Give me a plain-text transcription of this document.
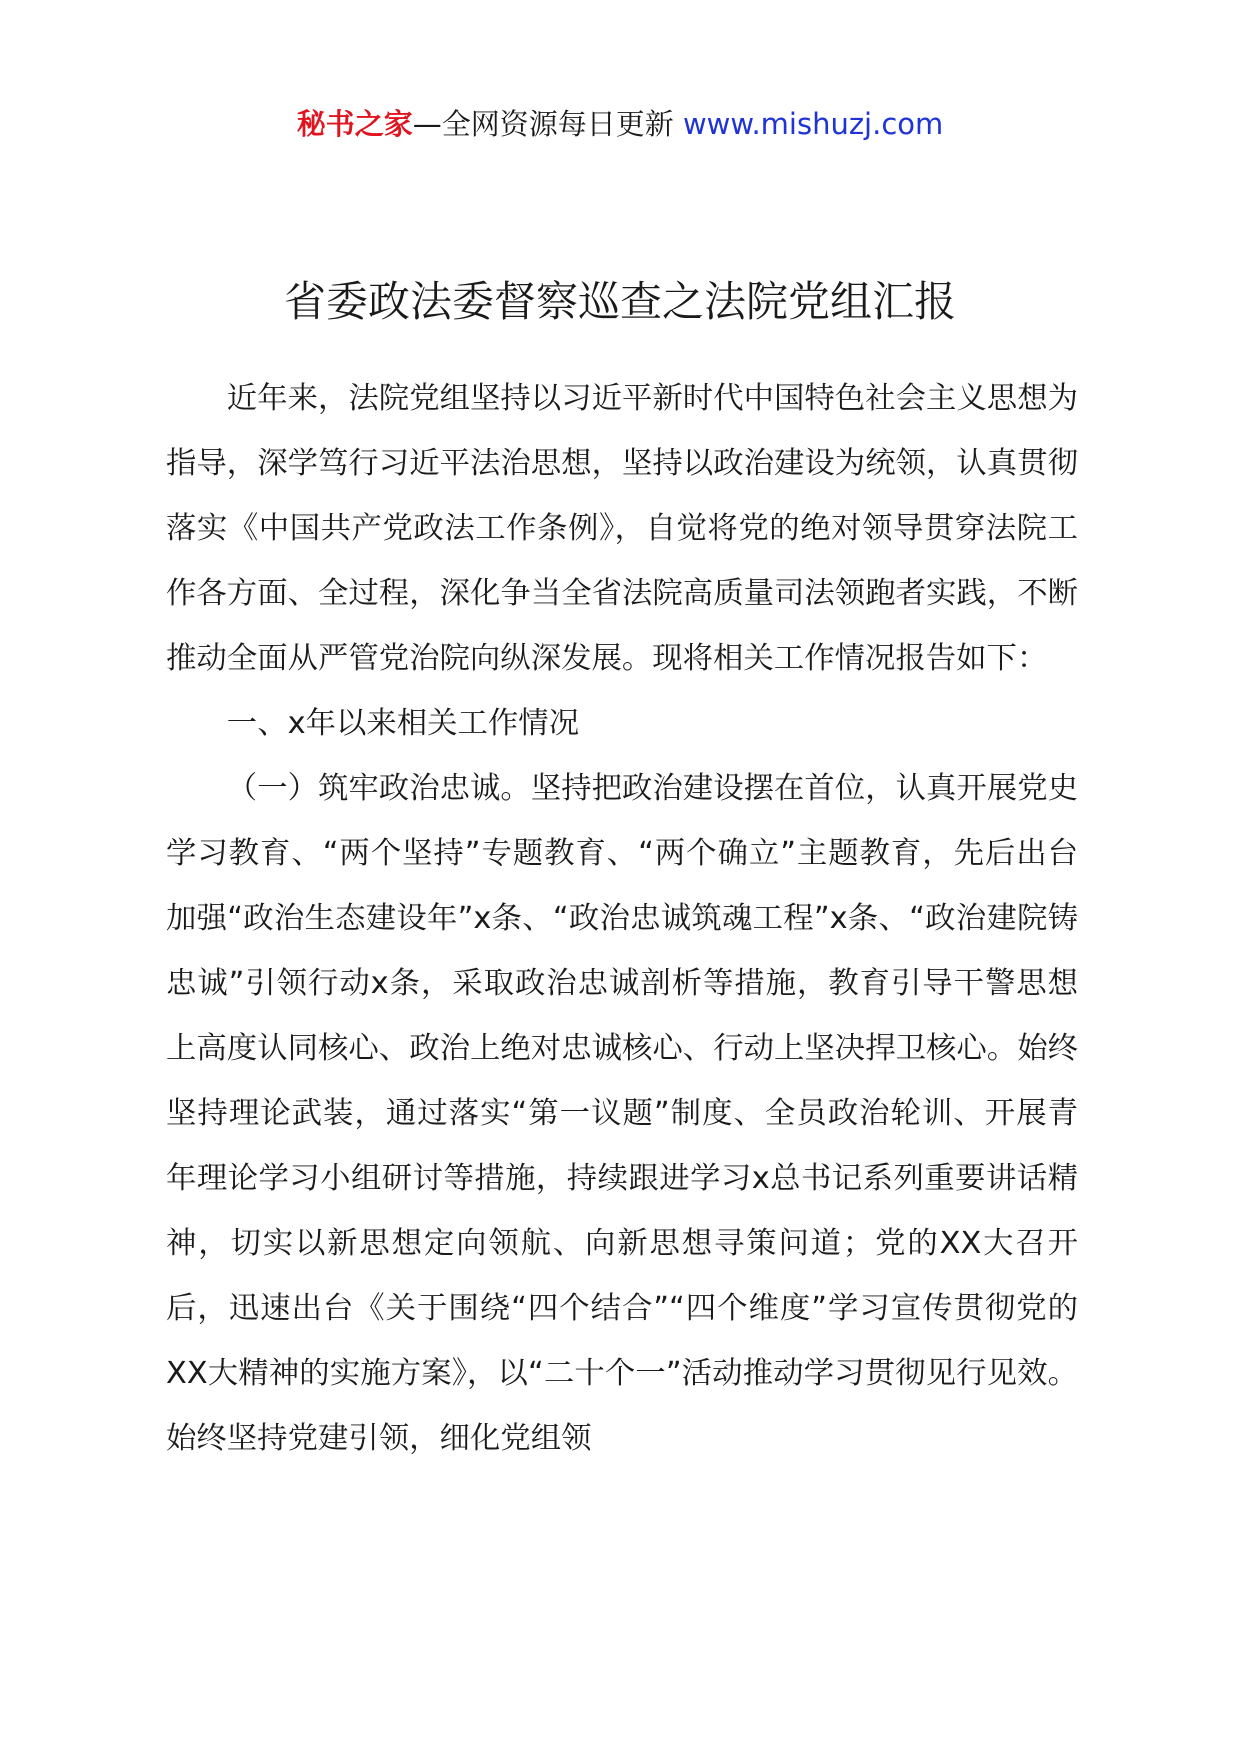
秘书之家—全网资源每日更新 www.mishuzj.com
省委政法委督察巡查之法院党组汇报

近年来，法院党组坚持以习近平新时代中国特色社会主义思想为指导，深学笃行习近平法治思想，坚持以政治建设为统领，认真贯彻落实《中国共产党政法工作条例》，自觉将党的绝对领导贯穿法院工作各方面、全过程，深化争当全省法院高质量司法领跑者实践，不断推动全面从严管党治院向纵深发展。现将相关工作情况报告如下：

一、x年以来相关工作情况

（一）筑牢政治忠诚。坚持把政治建设摆在首位，认真开展党史学习教育、“两个坚持”专题教育、“两个确立”主题教育，先后出台加强“政治生态建设年”x条、“政治忠诚筑魂工程”x条、“政治建院铸忠诚”引领行动x条，采取政治忠诚剖析等措施，教育引导干警思想上高度认同核心、政治上绝对忠诚核心、行动上坚决捍卫核心。始终坚持理论武装，通过落实“第一议题”制度、全员政治轮训、开展青年理论学习小组研讨等措施，持续跟进学习x总书记系列重要讲话精神，切实以新思想定向领航、向新思想寻策问道；党的XX大召开后，迅速出台《关于围绕“四个结合”“四个维度”学习宣传贯彻党的XX大精神的实施方案》，以“二十个一”活动推动学习贯彻见行见效。始终坚持党建引领，细化党组领
